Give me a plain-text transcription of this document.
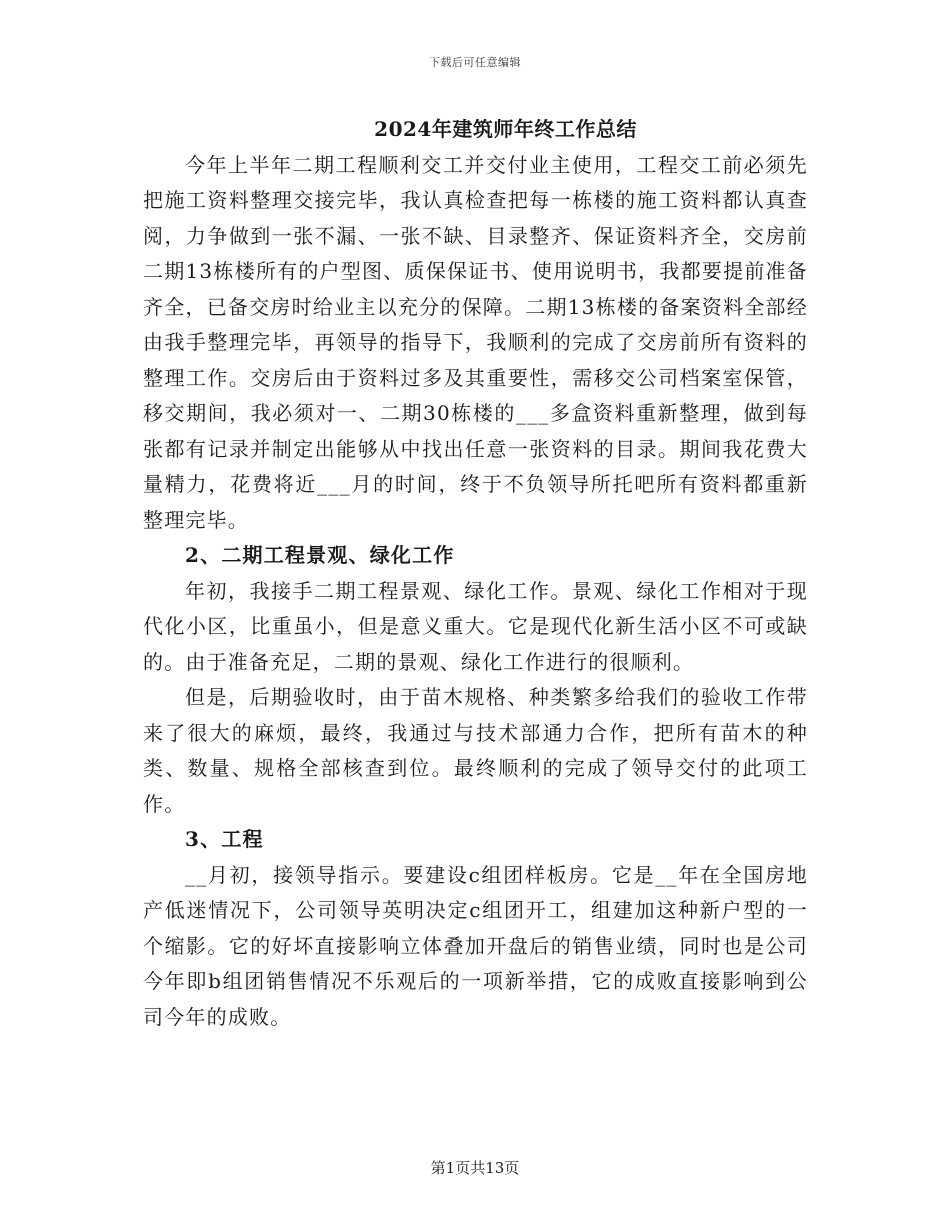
下载后可任意编辑

2024年建筑师年终工作总结

今年上半年二期工程顺利交工并交付业主使用，工程交工前必须先把施工资料整理交接完毕，我认真检查把每一栋楼的施工资料都认真查阅，力争做到一张不漏、一张不缺、目录整齐、保证资料齐全，交房前二期13栋楼所有的户型图、质保保证书、使用说明书，我都要提前准备齐全，已备交房时给业主以充分的保障。二期13栋楼的备案资料全部经由我手整理完毕，再领导的指导下，我顺利的完成了交房前所有资料的整理工作。交房后由于资料过多及其重要性，需移交公司档案室保管，移交期间，我必须对一、二期30栋楼的___多盒资料重新整理，做到每张都有记录并制定出能够从中找出任意一张资料的目录。期间我花费大量精力，花费将近___月的时间，终于不负领导所托吧所有资料都重新整理完毕。

2、二期工程景观、绿化工作

年初，我接手二期工程景观、绿化工作。景观、绿化工作相对于现代化小区，比重虽小，但是意义重大。它是现代化新生活小区不可或缺的。由于准备充足，二期的景观、绿化工作进行的很顺利。

但是，后期验收时，由于苗木规格、种类繁多给我们的验收工作带来了很大的麻烦，最终，我通过与技术部通力合作，把所有苗木的种类、数量、规格全部核查到位。最终顺利的完成了领导交付的此项工作。

3、工程

__月初，接领导指示。要建设c组团样板房。它是__年在全国房地产低迷情况下，公司领导英明决定c组团开工，组建加这种新户型的一个缩影。它的好坏直接影响立体叠加开盘后的销售业绩，同时也是公司今年即b组团销售情况不乐观后的一项新举措，它的成败直接影响到公司今年的成败。

第1页共13页
